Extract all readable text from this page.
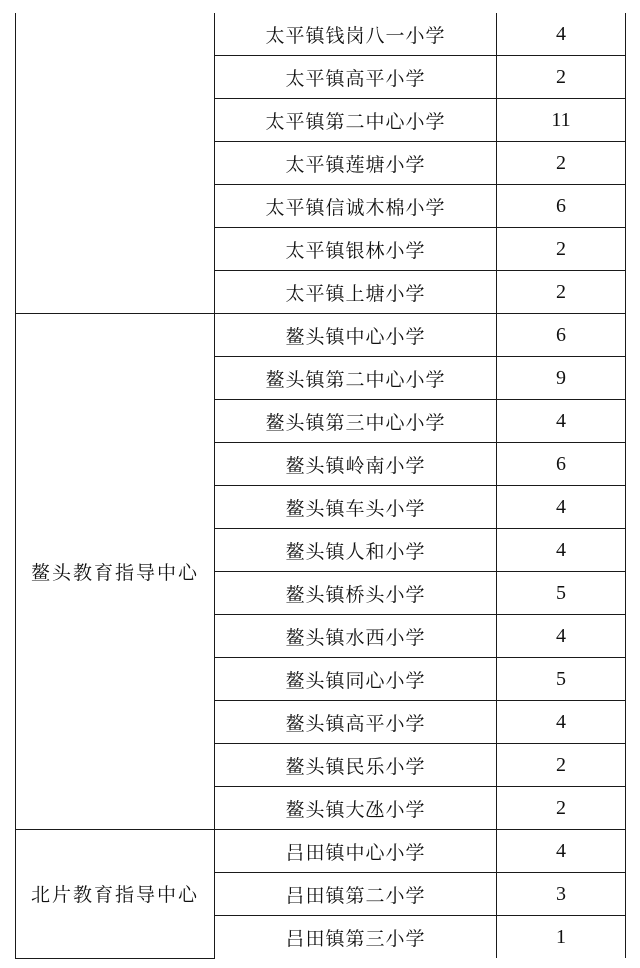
	太平镇钱岗八一小学	4
	太平镇高平小学	2
	太平镇第二中心小学	11
	太平镇莲塘小学	2
	太平镇信诚木棉小学	6
	太平镇银林小学	2
	太平镇上塘小学	2
鳌头教育指导中心	鳌头镇中心小学	6
	鳌头镇第二中心小学	9
	鳌头镇第三中心小学	4
	鳌头镇岭南小学	6
	鳌头镇车头小学	4
	鳌头镇人和小学	4
	鳌头镇桥头小学	5
	鳌头镇水西小学	4
	鳌头镇同心小学	5
	鳌头镇高平小学	4
	鳌头镇民乐小学	2
	鳌头镇大氹小学	2
北片教育指导中心	吕田镇中心小学	4
	吕田镇第二小学	3
	吕田镇第三小学	1
